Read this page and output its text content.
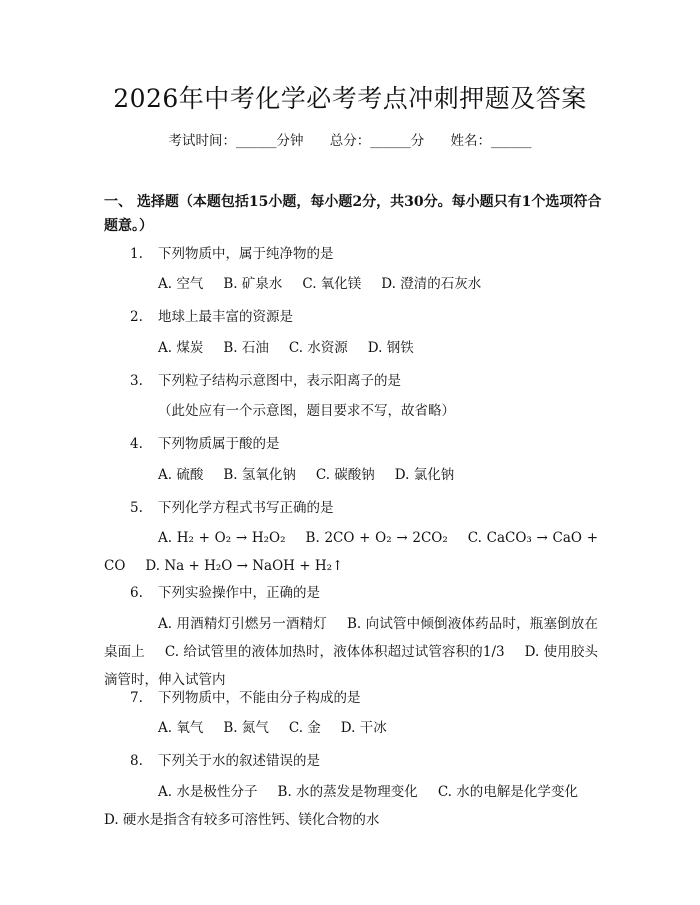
2026年中考化学必考考点冲刺押题及答案
考试时间：______分钟 总分：______分 姓名：______
一、 选择题（本题包括15小题，每小题2分，共30分。每小题只有1个选项符合题意。）
1. 下列物质中，属于纯净物的是
A. 空气 B. 矿泉水 C. 氧化镁 D. 澄清的石灰水
2. 地球上最丰富的资源是
A. 煤炭 B. 石油 C. 水资源 D. 钢铁
3. 下列粒子结构示意图中，表示阳离子的是
（此处应有一个示意图，题目要求不写，故省略）
4. 下列物质属于酸的是
A. 硫酸 B. 氢氧化钠 C. 碳酸钠 D. 氯化钠
5. 下列化学方程式书写正确的是
A. H₂ + O₂ → H₂O₂ B. 2CO + O₂ → 2CO₂ C. CaCO₃ → CaO + CO D. Na + H₂O → NaOH + H₂↑
6. 下列实验操作中，正确的是
A. 用酒精灯引燃另一酒精灯 B. 向试管中倾倒液体药品时，瓶塞倒放在桌面上 C. 给试管里的液体加热时，液体体积超过试管容积的1/3 D. 使用胶头滴管时，伸入试管内
7. 下列物质中，不能由分子构成的是
A. 氧气 B. 氮气 C. 金 D. 干冰
8. 下列关于水的叙述错误的是
A. 水是极性分子 B. 水的蒸发是物理变化 C. 水的电解是化学变化D. 硬水是指含有较多可溶性钙、镁化合物的水
